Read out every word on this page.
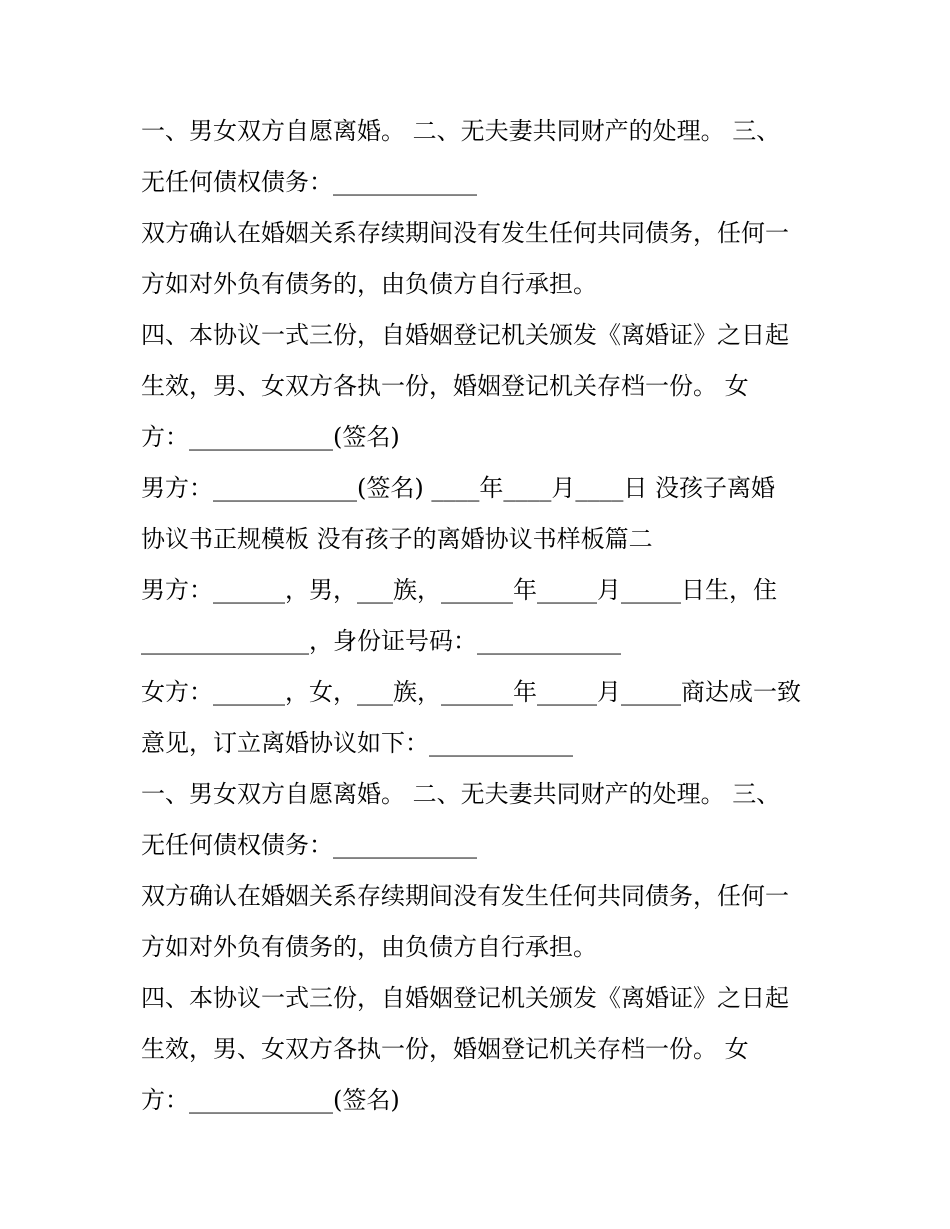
一、男女双方自愿离婚。 二、无夫妻共同财产的处理。 三、
无任何债权债务：____________
双方确认在婚姻关系存续期间没有发生任何共同债务，任何一
方如对外负有债务的，由负债方自行承担。
四、本协议一式三份，自婚姻登记机关颁发《离婚证》之日起
生效，男、女双方各执一份，婚姻登记机关存档一份。 女
方：____________(签名)
男方：____________(签名) ____年____月____日 没孩子离婚
协议书正规模板 没有孩子的离婚协议书样板篇二
男方：______，男，___族，______年_____月_____日生，住
______________，身份证号码：____________
女方：______，女，___族，______年_____月_____商达成一致
意见，订立离婚协议如下：____________
一、男女双方自愿离婚。 二、无夫妻共同财产的处理。 三、
无任何债权债务：____________
双方确认在婚姻关系存续期间没有发生任何共同债务，任何一
方如对外负有债务的，由负债方自行承担。
四、本协议一式三份，自婚姻登记机关颁发《离婚证》之日起
生效，男、女双方各执一份，婚姻登记机关存档一份。 女
方：____________(签名)
